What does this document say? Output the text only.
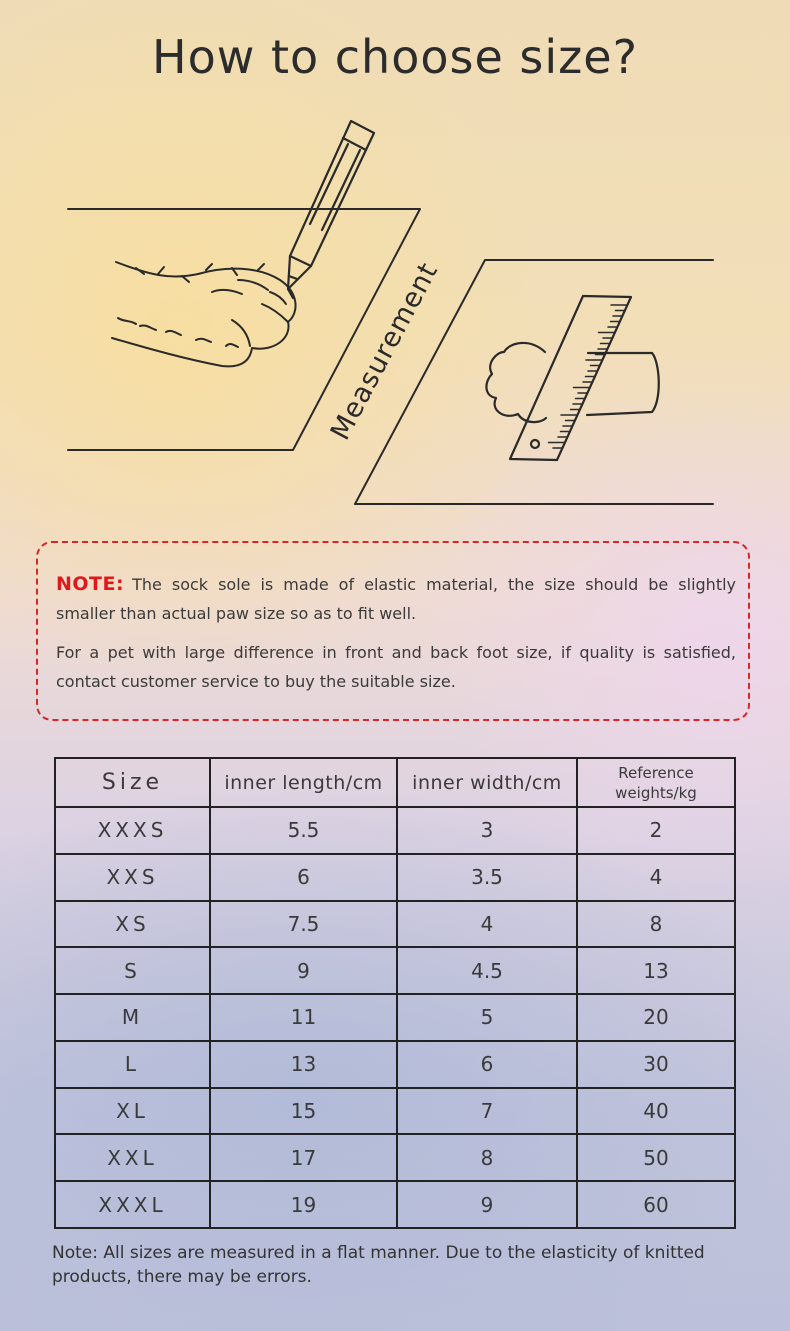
How to choose size?
Measurement

NOTE: The sock sole is made of elastic material, the size should be slightly smaller than actual paw size so as to fit well.

For a pet with large difference in front and back foot size, if quality is satisfied, contact customer service to buy the suitable size.

Size	inner length/cm	inner width/cm	Reference
weights/kg
XXXS	5.5	3	2
XXS	6	3.5	4
XS	7.5	4	8
S	9	4.5	13
M	11	5	20
L	13	6	30
XL	15	7	40
XXL	17	8	50
XXXL	19	9	60

Note: All sizes are measured in a flat manner. Due to the elasticity of knitted products, there may be errors.
